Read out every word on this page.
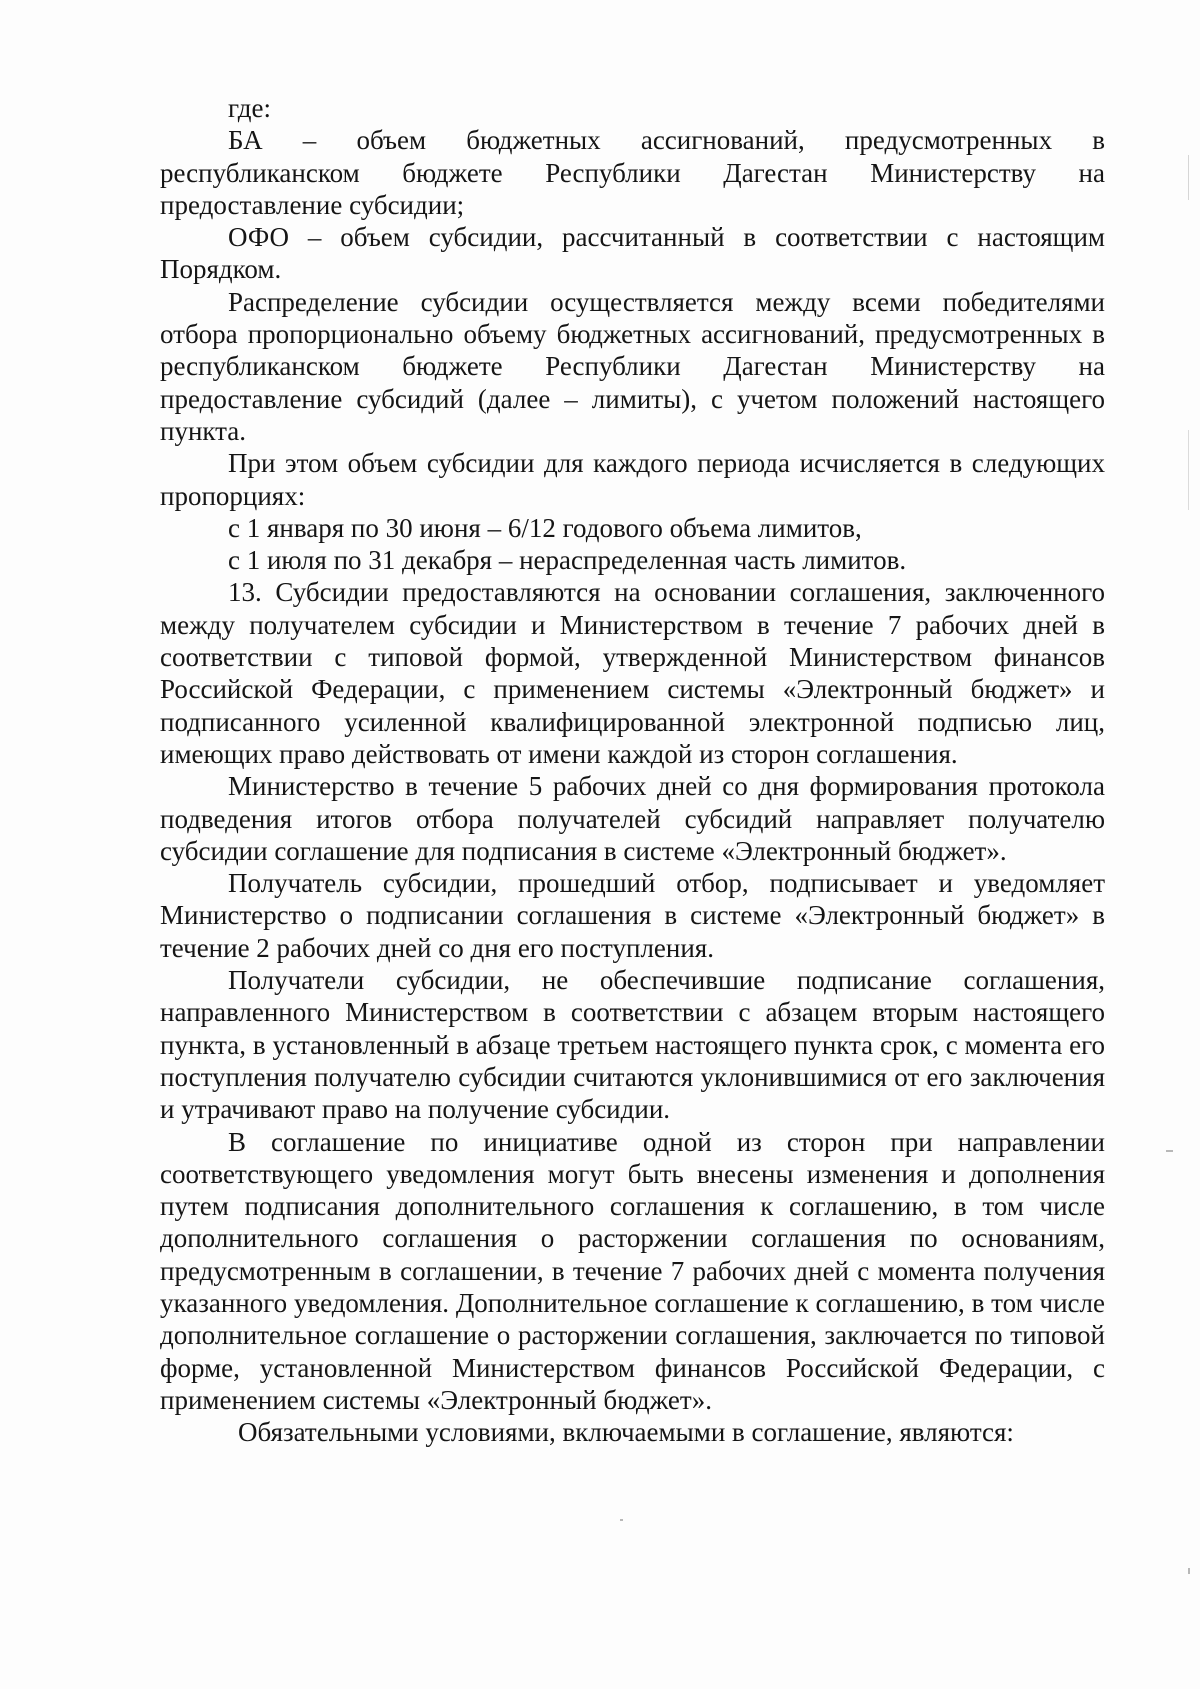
где:

БА – объем бюджетных ассигнований, предусмотренных в республиканском бюджете Республики Дагестан Министерству на предоставление субсидии;

ОФО – объем субсидии, рассчитанный в соответствии с настоящим Порядком.

Распределение субсидии осуществляется между всеми победителями отбора пропорционально объему бюджетных ассигнований, предусмотренных в республиканском бюджете Республики Дагестан Министерству на предоставление субсидий (далее – лимиты), с учетом положений настоящего пункта.

При этом объем субсидии для каждого периода исчисляется в следующих пропорциях:

с 1 января по 30 июня – 6/12 годового объема лимитов,

с 1 июля по 31 декабря – нераспределенная часть лимитов.

13. Субсидии предоставляются на основании соглашения, заключенного между получателем субсидии и Министерством в течение 7 рабочих дней в соответствии с типовой формой, утвержденной Министерством финансов Российской Федерации, с применением системы «Электронный бюджет» и подписанного усиленной квалифицированной электронной подписью лиц, имеющих право действовать от имени каждой из сторон соглашения.

Министерство в течение 5 рабочих дней со дня формирования протокола подведения итогов отбора получателей субсидий направляет получателю субсидии соглашение для подписания в системе «Электронный бюджет».

Получатель субсидии, прошедший отбор, подписывает и уведомляет Министерство о подписании соглашения в системе «Электронный бюджет» в течение 2 рабочих дней со дня его поступления.

Получатели субсидии, не обеспечившие подписание соглашения, направленного Министерством в соответствии с абзацем вторым настоящего пункта, в установленный в абзаце третьем настоящего пункта срок, с момента его поступления получателю субсидии считаются уклонившимися от его заключения и утрачивают право на получение субсидии.

В соглашение по инициативе одной из сторон при направлении соответствующего уведомления могут быть внесены изменения и дополнения путем подписания дополнительного соглашения к соглашению, в том числе дополнительного соглашения о расторжении соглашения по основаниям, предусмотренным в соглашении, в течение 7 рабочих дней с момента получения указанного уведомления. Дополнительное соглашение к соглашению, в том числе дополнительное соглашение о расторжении соглашения, заключается по типовой форме, установленной Министерством финансов Российской Федерации, с применением системы «Электронный бюджет».

Обязательными условиями, включаемыми в соглашение, являются:
